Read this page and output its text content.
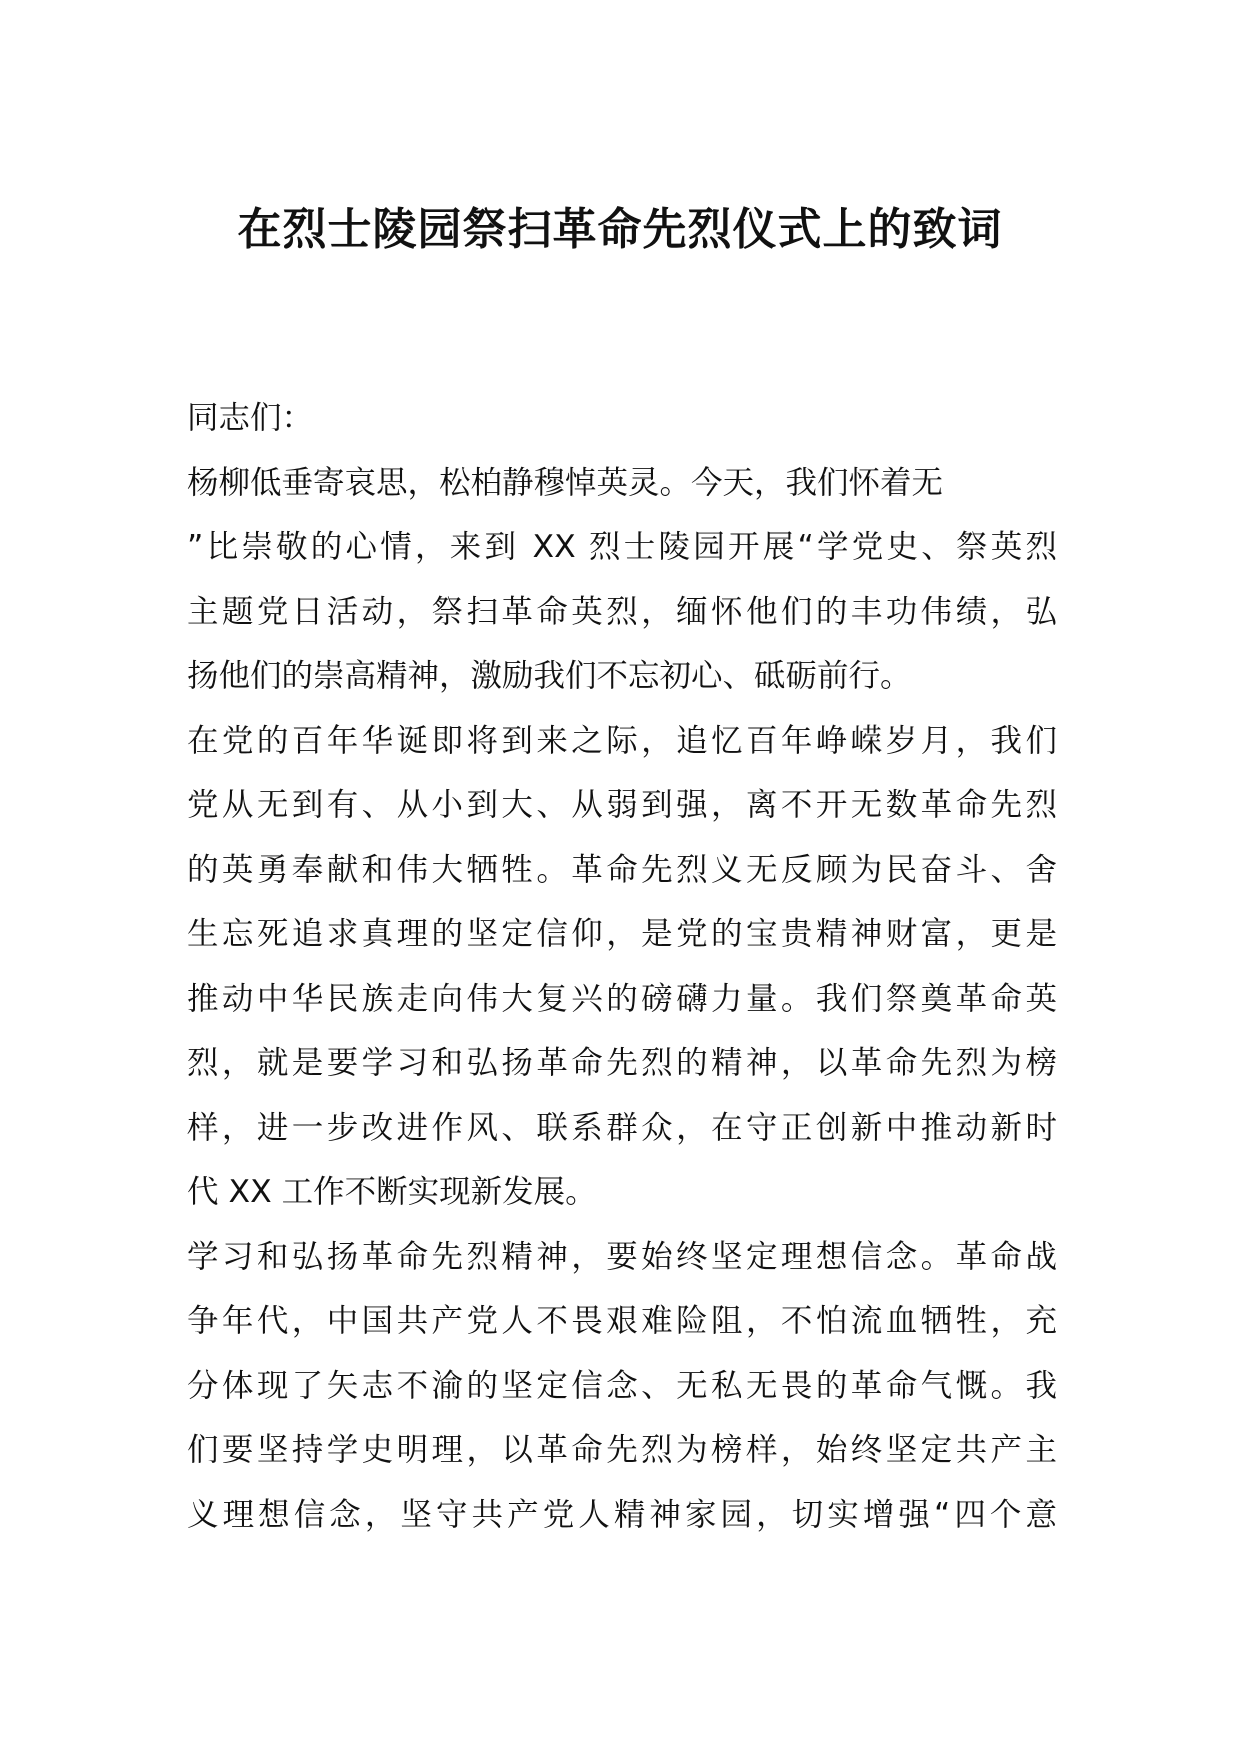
在烈士陵园祭扫革命先烈仪式上的致词
同志们：
杨柳低垂寄哀思，松柏静穆悼英灵。今天，我们怀着无
”比崇敬的心情，来到 XX 烈士陵园开展“学党史、祭英烈
主题党日活动，祭扫革命英烈，缅怀他们的丰功伟绩，弘
扬他们的崇高精神，激励我们不忘初心、砥砺前行。
在党的百年华诞即将到来之际，追忆百年峥嵘岁月，我们
党从无到有、从小到大、从弱到强，离不开无数革命先烈
的英勇奉献和伟大牺牲。革命先烈义无反顾为民奋斗、舍
生忘死追求真理的坚定信仰，是党的宝贵精神财富，更是
推动中华民族走向伟大复兴的磅礴力量。我们祭奠革命英
烈，就是要学习和弘扬革命先烈的精神，以革命先烈为榜
样，进一步改进作风、联系群众，在守正创新中推动新时
代 XX 工作不断实现新发展。
学习和弘扬革命先烈精神，要始终坚定理想信念。革命战
争年代，中国共产党人不畏艰难险阻，不怕流血牺牲，充
分体现了矢志不渝的坚定信念、无私无畏的革命气慨。我
们要坚持学史明理，以革命先烈为榜样，始终坚定共产主
义理想信念，坚守共产党人精神家园，切实增强“四个意
